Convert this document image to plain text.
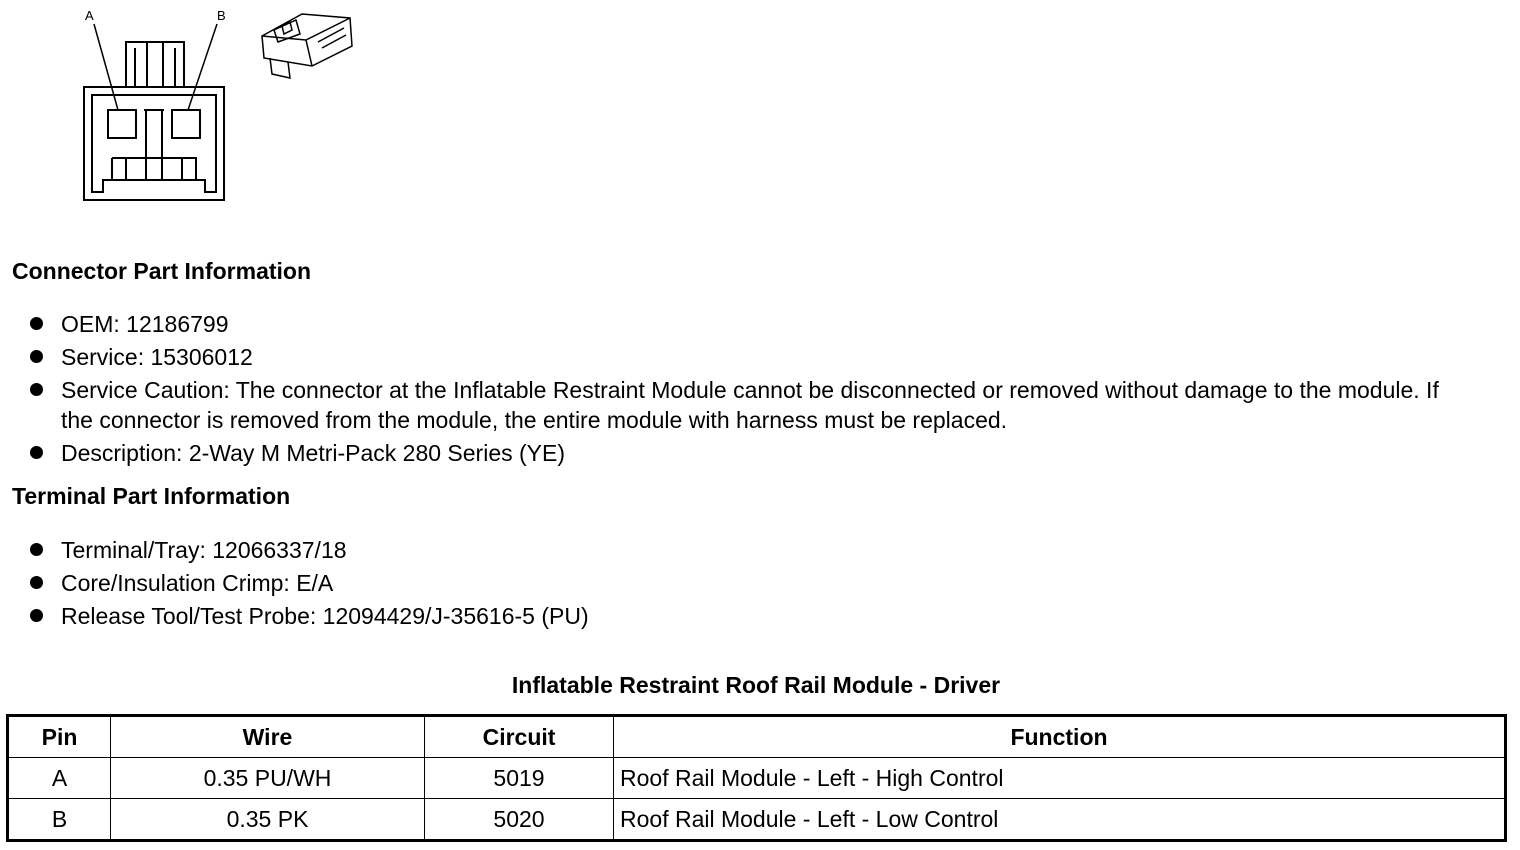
A	B
Connector Part Information
OEM: 12186799
Service: 15306012
Service Caution: The connector at the Inflatable Restraint Module cannot be disconnected or removed without damage to the module. If the connector is removed from the module, the entire module with harness must be replaced.
Description: 2-Way M Metri-Pack 280 Series (YE)
Terminal Part Information
Terminal/Tray: 12066337/18
Core/Insulation Crimp: E/A
Release Tool/Test Probe: 12094429/J-35616-5 (PU)
Inflatable Restraint Roof Rail Module - Driver
Pin	Wire	Circuit	Function
A	0.35 PU/WH	5019	Roof Rail Module - Left - High Control
B	0.35 PK	5020	Roof Rail Module - Left - Low Control
